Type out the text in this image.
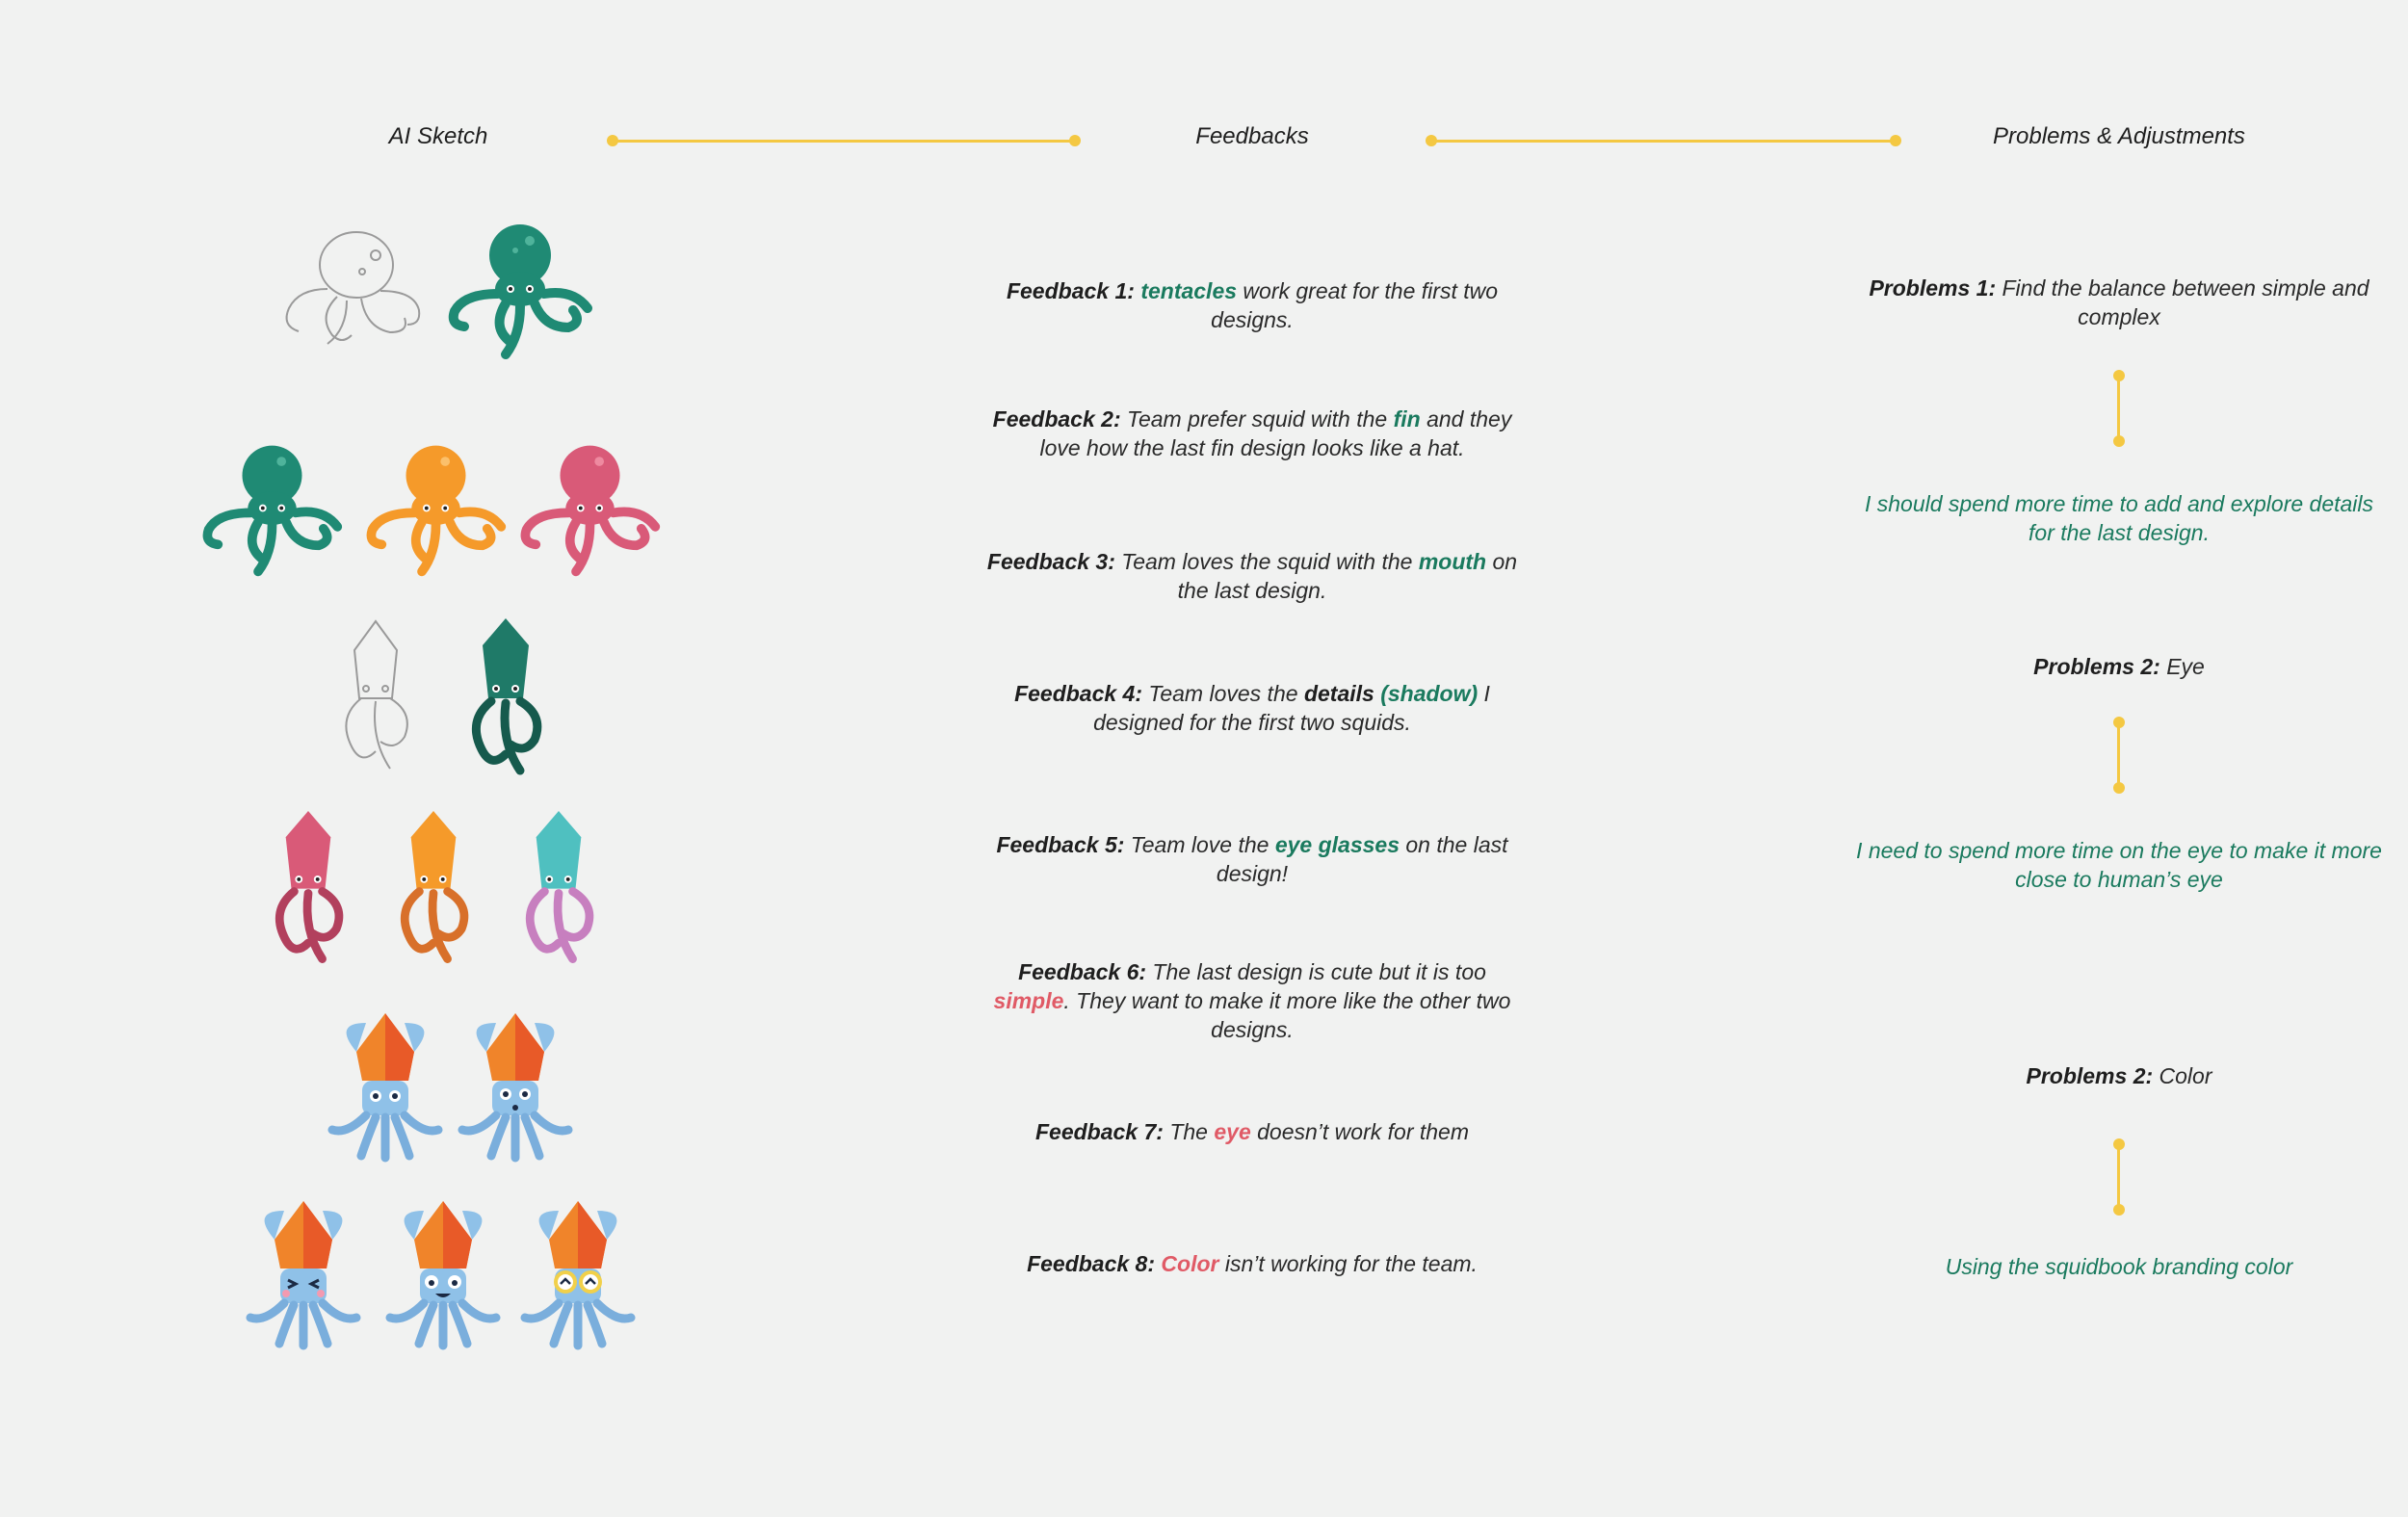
AI Sketch	Feedbacks	Problems & Adjustments
Feedback 1: tentacles work great for the first two designs.
Feedback 2: Team prefer squid with the fin and they love how the last fin design looks like a hat.
Feedback 3: Team loves the squid with the mouth on the last design.
Feedback 4: Team loves the details (shadow) I designed for the first two squids.
Feedback 5: Team love the eye glasses on the last design!
Feedback 6: The last design is cute but it is too simple. They want to make it more like the other two designs.
Feedback 7: The eye doesn’t work for them
Feedback 8: Color isn’t working for the team.
Problems 1: Find the balance between simple and complex
I should spend more time to add and explore details for the last design.
Problems 2: Eye
I need to spend more time on the eye to make it more close to human’s eye
Problems 2: Color
Using the squidbook branding color
